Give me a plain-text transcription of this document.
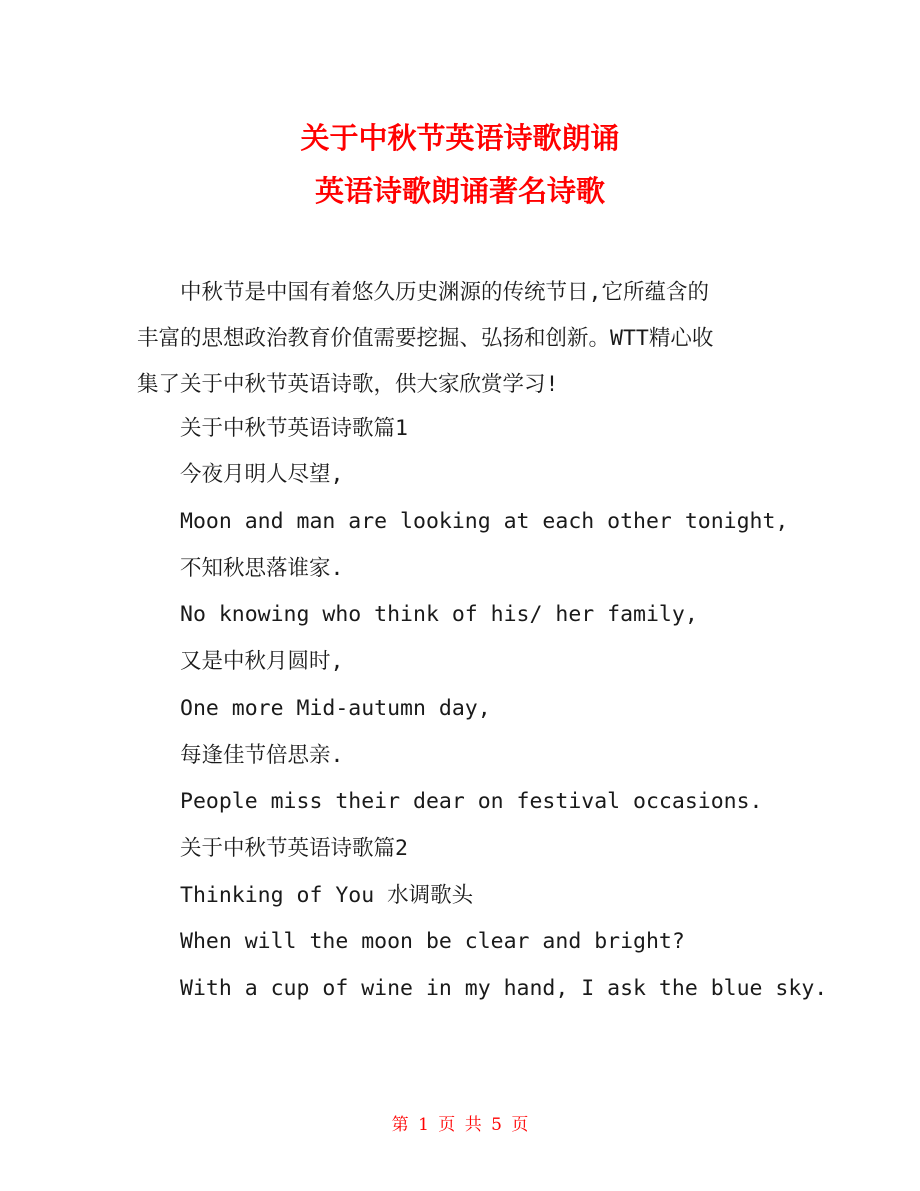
关于中秋节英语诗歌朗诵
英语诗歌朗诵著名诗歌

　　中秋节是中国有着悠久历史渊源的传统节日,它所蕴含的

丰富的思想政治教育价值需要挖掘、弘扬和创新。WTT精心收

集了关于中秋节英语诗歌，供大家欣赏学习!

关于中秋节英语诗歌篇1

今夜月明人尽望,

Moon and man are looking at each other tonight,

不知秋思落谁家.

No knowing who think of his/ her family,

又是中秋月圆时,

One more Mid-autumn day,

每逢佳节倍思亲.

People miss their dear on festival occasions.

关于中秋节英语诗歌篇2

Thinking of You 水调歌头

When will the moon be clear and bright?

With a cup of wine in my hand, I ask the blue sky.

第 1 页 共 5 页
